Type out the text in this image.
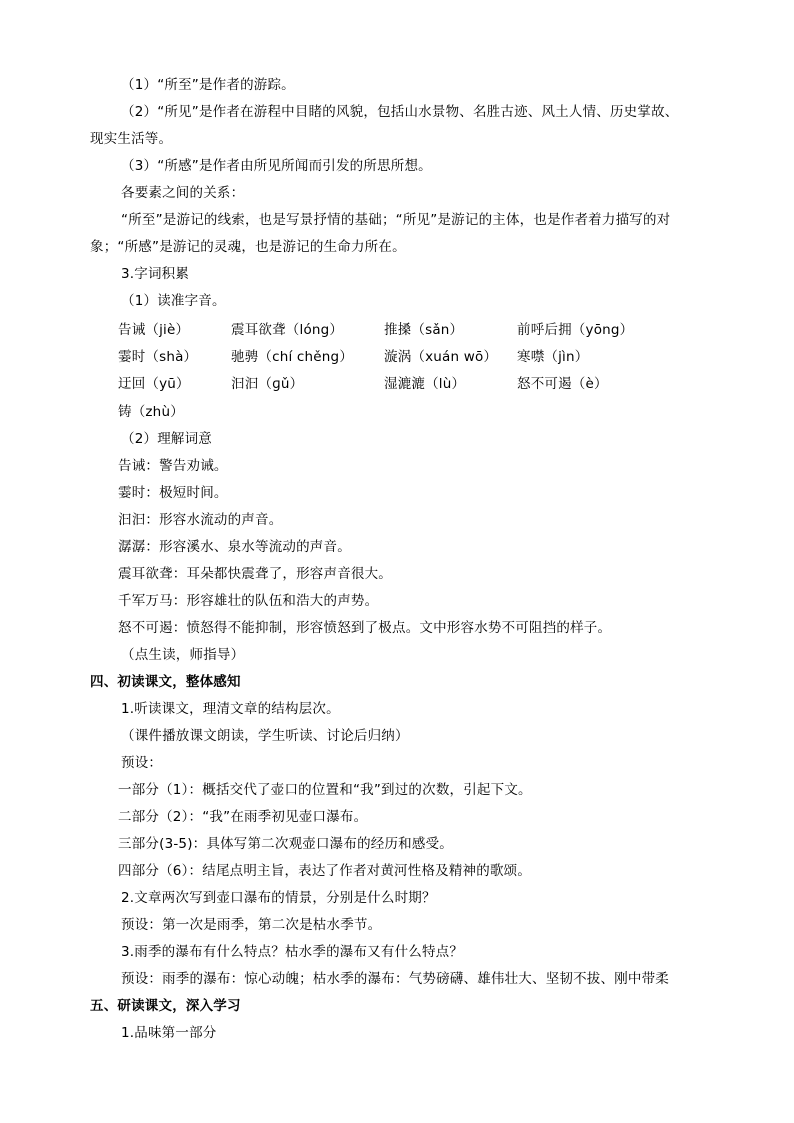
（1）“所至”是作者的游踪。
（2）“所见”是作者在游程中目睹的风貌，包括山水景物、名胜古迹、风土人情、历史掌故、
现实生活等。
（3）“所感”是作者由所见所闻而引发的所思所想。
各要素之间的关系：
“所至”是游记的线索，也是写景抒情的基础；“所见”是游记的主体，也是作者着力描写的对
象；“所感”是游记的灵魂，也是游记的生命力所在。
3.字词积累
（1）读准字音。
告诫（jiè）	震耳欲聋（lóng）	推搡（sǎn）	前呼后拥（yōng）
霎时（shà） 驰骋（chí chěng） 漩涡（xuán wō） 寒噤（jìn）
迂回（yū）	汩汩（ɡǔ）	湿漉漉（lù）	怒不可遏（è）
铸（zhù）
（2）理解词意
告诫：警告劝诫。
霎时：极短时间。
汩汩：形容水流动的声音。
潺潺：形容溪水、泉水等流动的声音。
震耳欲聋：耳朵都快震聋了，形容声音很大。
千军万马：形容雄壮的队伍和浩大的声势。
怒不可遏：愤怒得不能抑制，形容愤怒到了极点。文中形容水势不可阻挡的样子。
（点生读，师指导）
四、初读课文，整体感知
1.听读课文，理清文章的结构层次。
（课件播放课文朗读，学生听读、讨论后归纳）
预设：
一部分（1）：概括交代了壶口的位置和“我”到过的次数，引起下文。
二部分（2）：“我”在雨季初见壶口瀑布。
三部分(3-5)：具体写第二次观壶口瀑布的经历和感受。
四部分（6）：结尾点明主旨，表达了作者对黄河性格及精神的歌颂。
2.文章两次写到壶口瀑布的情景，分别是什么时期？
预设：第一次是雨季，第二次是枯水季节。
3.雨季的瀑布有什么特点？枯水季的瀑布又有什么特点？
预设：雨季的瀑布：惊心动魄；枯水季的瀑布：气势磅礴、雄伟壮大、坚韧不拔、刚中带柔
五、研读课文，深入学习
1.品味第一部分
